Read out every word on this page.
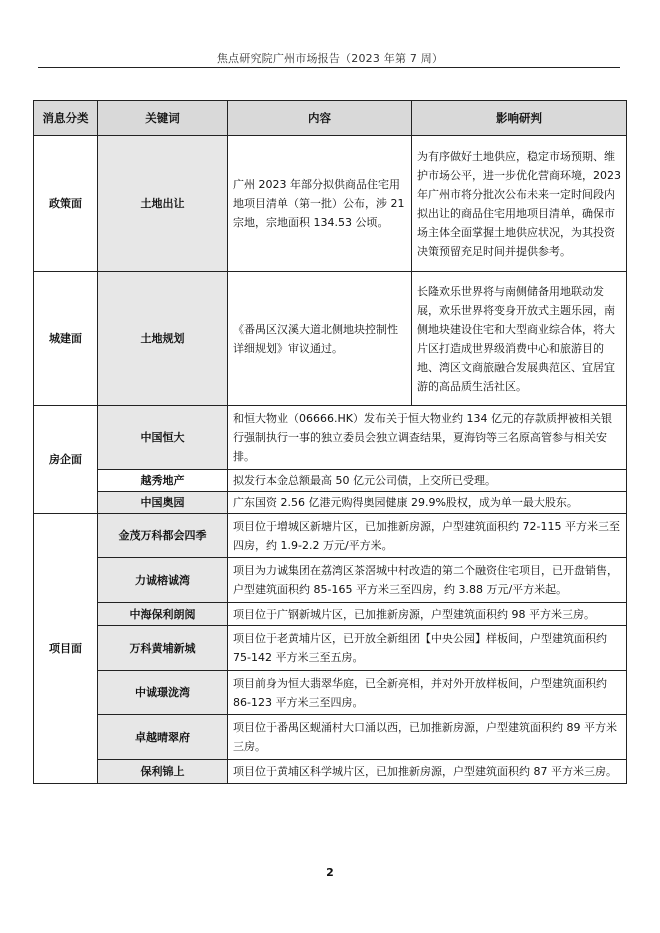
焦点研究院广州市场报告（2023 年第 7 周）
消息分类	关键词	内容	影响研判
政策面	土地出让	广州 2023 年部分拟供商品住宅用地项目清单（第一批）公布，涉 21 宗地，宗地面积 134.53 公顷。	为有序做好土地供应，稳定市场预期、维护市场公平，进一步优化营商环境，2023 年广州市将分批次公布未来一定时间段内拟出让的商品住宅用地项目清单，确保市场主体全面掌握土地供应状况，为其投资决策预留充足时间并提供参考。
城建面	土地规划	《番禺区汉溪大道北侧地块控制性详细规划》审议通过。	长隆欢乐世界将与南侧储备用地联动发展，欢乐世界将变身开放式主题乐园，南侧地块建设住宅和大型商业综合体，将大片区打造成世界级消费中心和旅游目的地、湾区文商旅融合发展典范区、宜居宜游的高品质生活社区。
房企面	中国恒大	和恒大物业（06666.HK）发布关于恒大物业约 134 亿元的存款质押被相关银行强制执行一事的独立委员会独立调查结果，夏海钧等三名原高管参与相关安排。	
	越秀地产	拟发行本金总额最高 50 亿元公司债，上交所已受理。	
	中国奥园	广东国资 2.56 亿港元购得奥园健康 29.9%股权，成为单一最大股东。	
项目面	金茂万科都会四季	项目位于增城区新塘片区，已加推新房源，户型建筑面积约 72-115 平方米三至四房，约 1.9-2.2 万元/平方米。	
	力诚榕诚湾	项目为力诚集团在荔湾区茶滘城中村改造的第二个融资住宅项目，已开盘销售，户型建筑面积约 85-165 平方米三至四房，约 3.88 万元/平方米起。	
	中海保利朗阅	项目位于广钢新城片区，已加推新房源，户型建筑面积约 98 平方米三房。	
	万科黄埔新城	项目位于老黄埔片区，已开放全新组团【中央公园】样板间，户型建筑面积约 75-142 平方米三至五房。	
	中诚璟泷湾	项目前身为恒大翡翠华庭，已全新亮相，并对外开放样板间，户型建筑面积约 86-123 平方米三至四房。	
	卓越晴翠府	项目位于番禺区蚬涌村大口涌以西，已加推新房源，户型建筑面积约 89 平方米三房。	
	保利锦上	项目位于黄埔区科学城片区，已加推新房源，户型建筑面积约 87 平方米三房。	
2
